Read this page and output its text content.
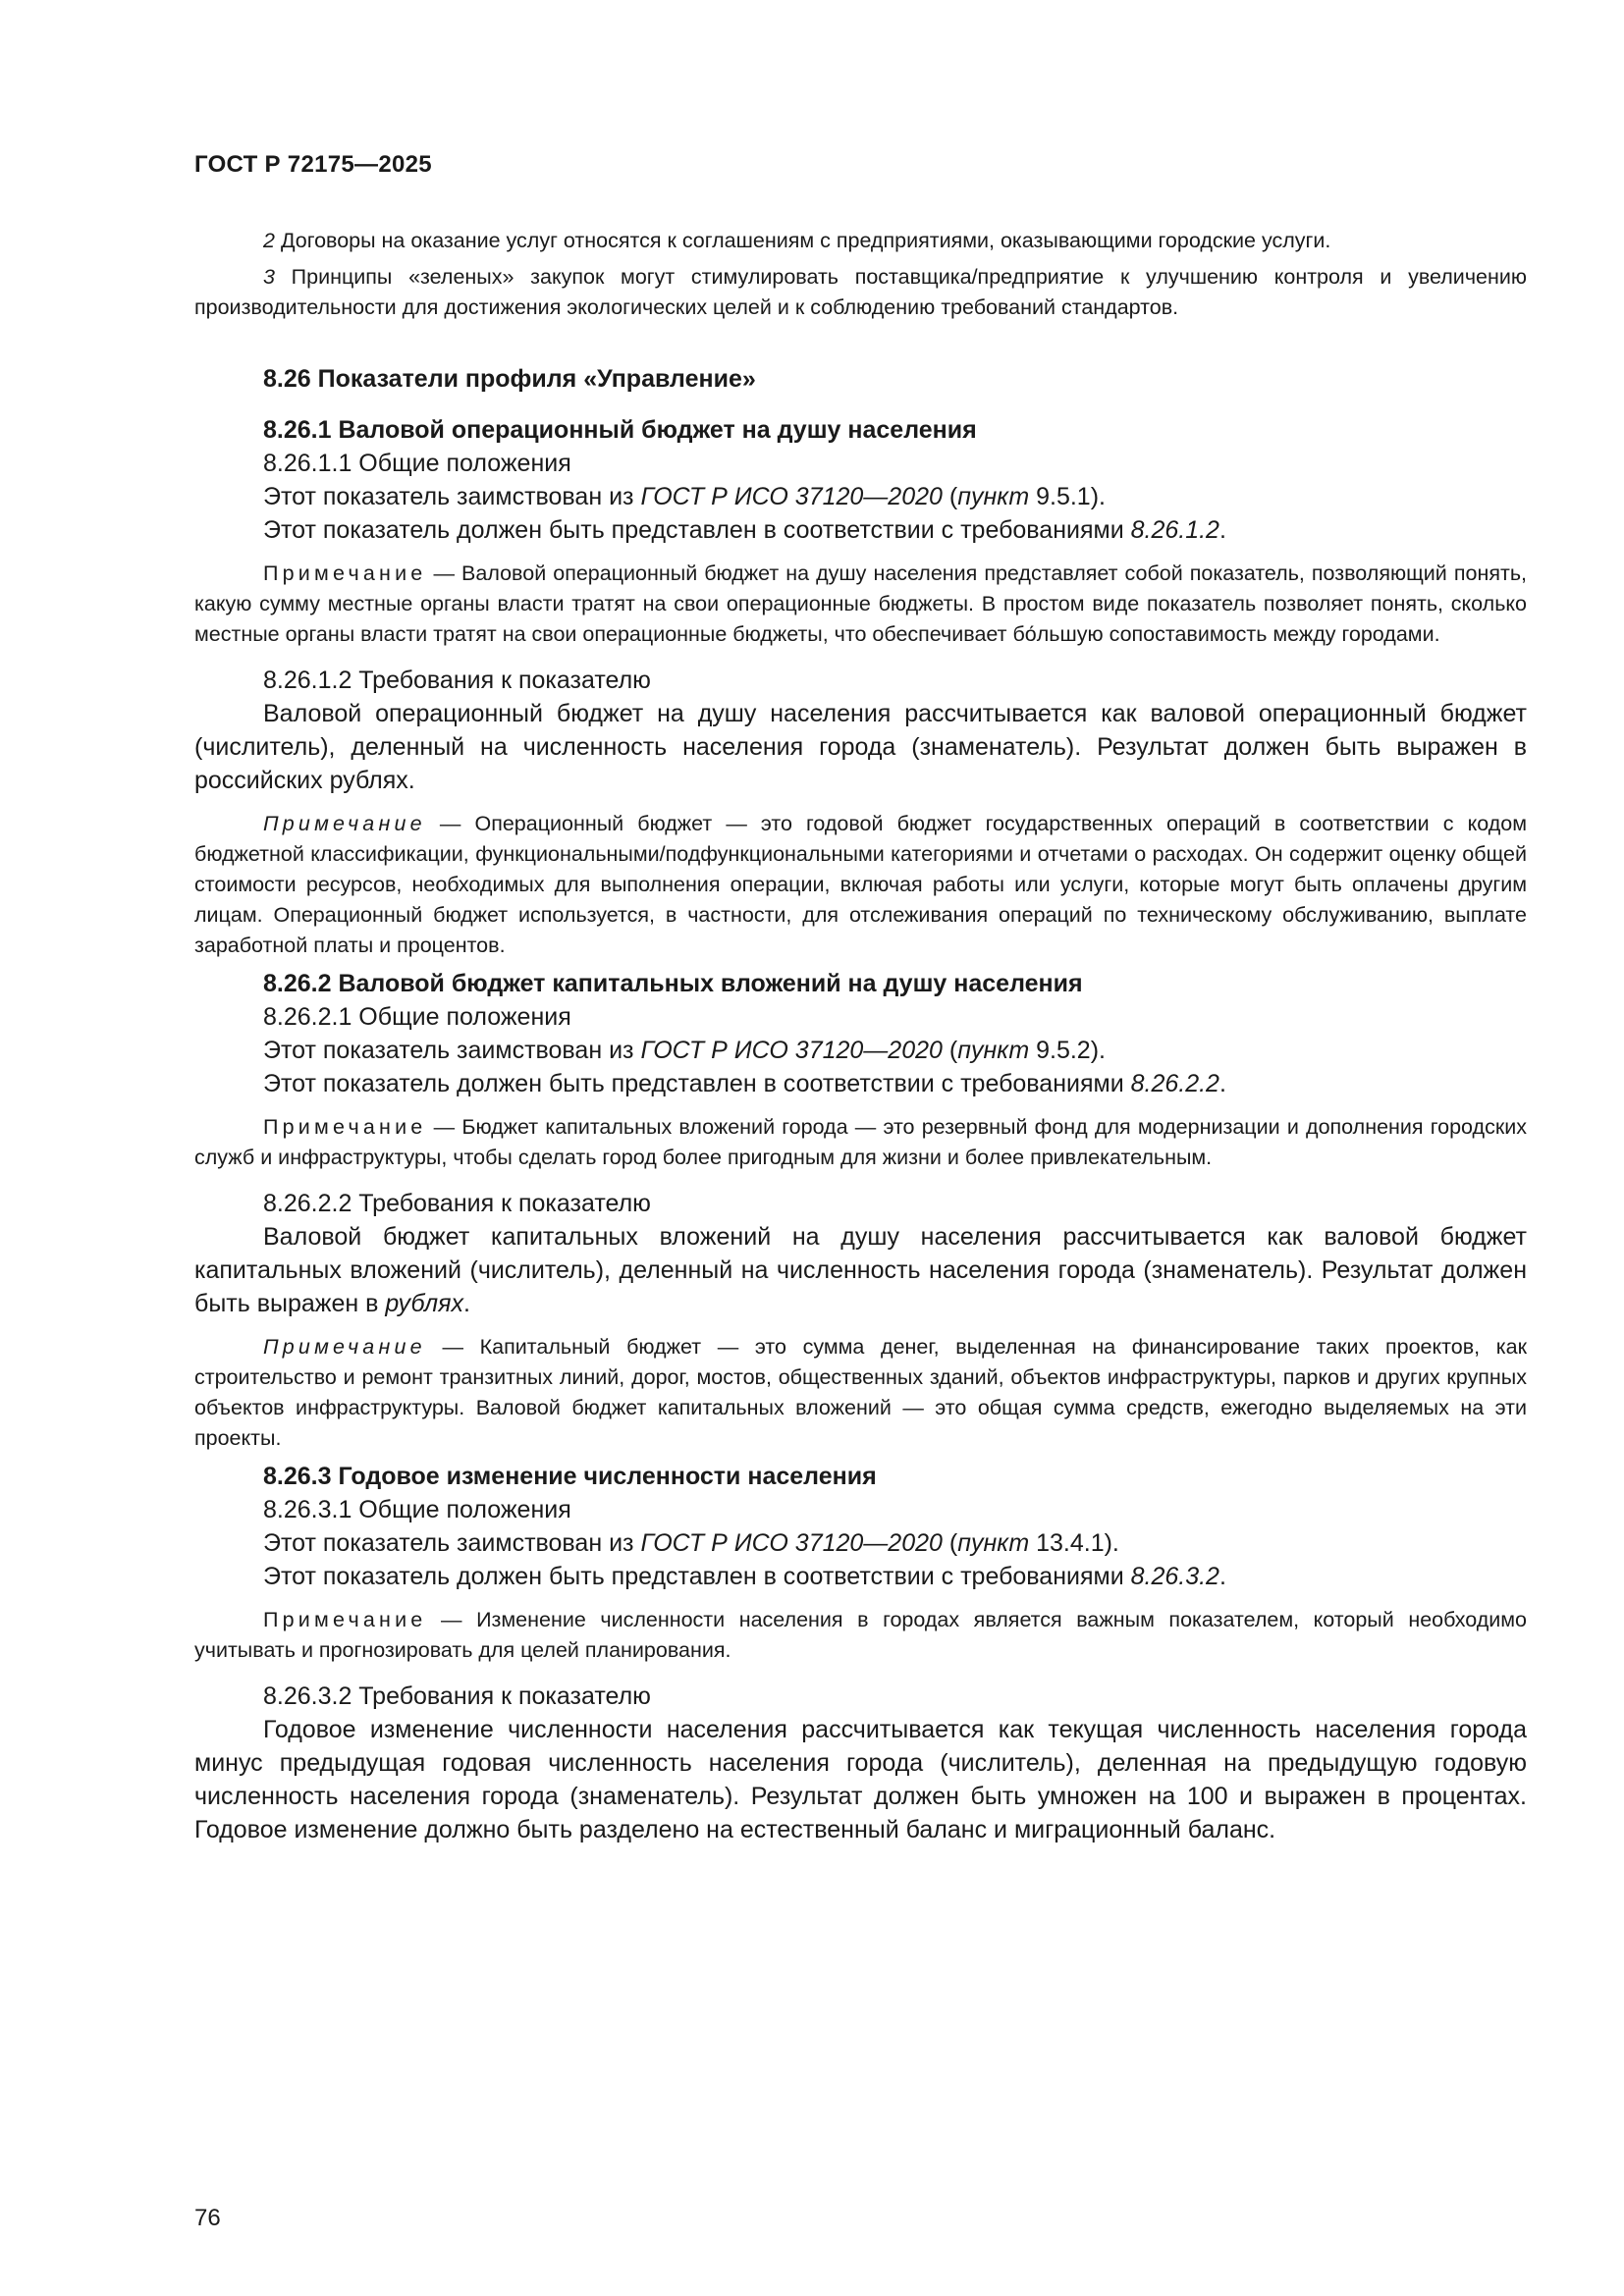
ГОСТ Р 72175—2025

2 Договоры на оказание услуг относятся к соглашениям с предприятиями, оказывающими городские услуги.

3 Принципы «зеленых» закупок могут стимулировать поставщика/предприятие к улучшению контроля и увеличению производительности для достижения экологических целей и к соблюдению требований стандартов.

8.26 Показатели профиля «Управление»

8.26.1 Валовой операционный бюджет на душу населения

8.26.1.1 Общие положения

Этот показатель заимствован из ГОСТ Р ИСО 37120—2020 (пункт 9.5.1).

Этот показатель должен быть представлен в соответствии с требованиями 8.26.1.2.

Примечание — Валовой операционный бюджет на душу населения представляет собой показатель, позволяющий понять, какую сумму местные органы власти тратят на свои операционные бюджеты. В простом виде показатель позволяет понять, сколько местные органы власти тратят на свои операционные бюджеты, что обеспечивает бо́льшую сопоставимость между городами.

8.26.1.2 Требования к показателю

Валовой операционный бюджет на душу населения рассчитывается как валовой операционный бюджет (числитель), деленный на численность населения города (знаменатель). Результат должен быть выражен в российских рублях.

Примечание — Операционный бюджет — это годовой бюджет государственных операций в соответствии с кодом бюджетной классификации, функциональными/подфункциональными категориями и отчетами о расходах. Он содержит оценку общей стоимости ресурсов, необходимых для выполнения операции, включая работы или услуги, которые могут быть оплачены другим лицам. Операционный бюджет используется, в частности, для отслеживания операций по техническому обслуживанию, выплате заработной платы и процентов.

8.26.2 Валовой бюджет капитальных вложений на душу населения

8.26.2.1 Общие положения

Этот показатель заимствован из ГОСТ Р ИСО 37120—2020 (пункт 9.5.2).

Этот показатель должен быть представлен в соответствии с требованиями 8.26.2.2.

Примечание — Бюджет капитальных вложений города — это резервный фонд для модернизации и дополнения городских служб и инфраструктуры, чтобы сделать город более пригодным для жизни и более привлекательным.

8.26.2.2 Требования к показателю

Валовой бюджет капитальных вложений на душу населения рассчитывается как валовой бюджет капитальных вложений (числитель), деленный на численность населения города (знаменатель). Результат должен быть выражен в рублях.

Примечание — Капитальный бюджет — это сумма денег, выделенная на финансирование таких проектов, как строительство и ремонт транзитных линий, дорог, мостов, общественных зданий, объектов инфраструктуры, парков и других крупных объектов инфраструктуры. Валовой бюджет капитальных вложений — это общая сумма средств, ежегодно выделяемых на эти проекты.

8.26.3 Годовое изменение численности населения

8.26.3.1 Общие положения

Этот показатель заимствован из ГОСТ Р ИСО 37120—2020 (пункт 13.4.1).

Этот показатель должен быть представлен в соответствии с требованиями 8.26.3.2.

Примечание — Изменение численности населения в городах является важным показателем, который необходимо учитывать и прогнозировать для целей планирования.

8.26.3.2 Требования к показателю

Годовое изменение численности населения рассчитывается как текущая численность населения города минус предыдущая годовая численность населения города (числитель), деленная на предыдущую годовую численность населения города (знаменатель). Результат должен быть умножен на 100 и выражен в процентах. Годовое изменение должно быть разделено на естественный баланс и миграционный баланс.

76
